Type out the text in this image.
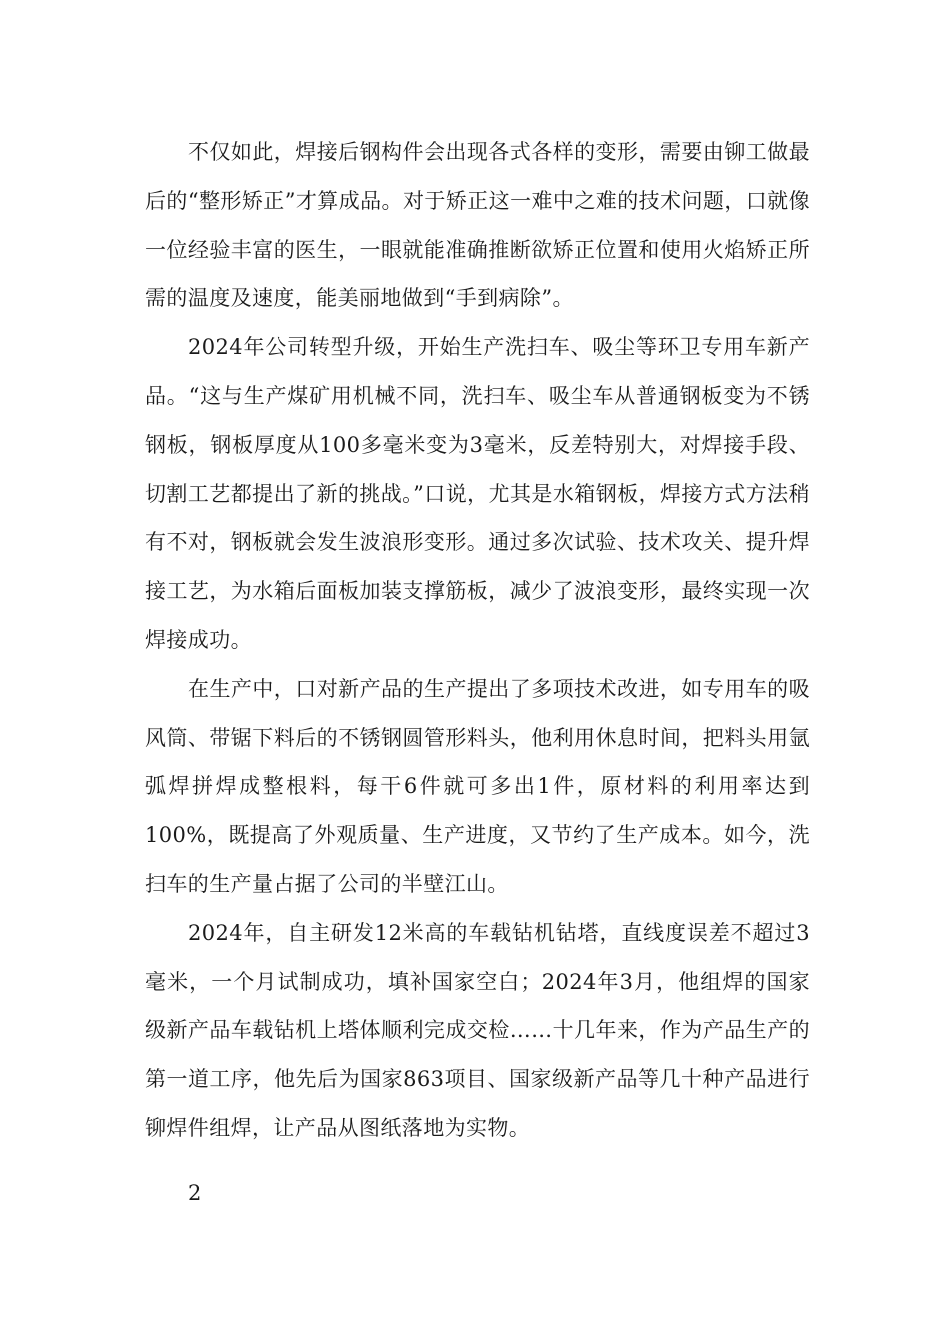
不仅如此，焊接后钢构件会出现各式各样的变形，需要由铆工做最后的“整形矫正”才算成品。对于矫正这一难中之难的技术问题，口就像一位经验丰富的医生，一眼就能准确推断欲矫正位置和使用火焰矫正所需的温度及速度，能美丽地做到“手到病除”。

2024年公司转型升级，开始生产洗扫车、吸尘等环卫专用车新产品。“这与生产煤矿用机械不同，洗扫车、吸尘车从普通钢板变为不锈钢板，钢板厚度从100多毫米变为3毫米，反差特别大，对焊接手段、切割工艺都提出了新的挑战。”口说，尤其是水箱钢板，焊接方式方法稍有不对，钢板就会发生波浪形变形。通过多次试验、技术攻关、提升焊接工艺，为水箱后面板加装支撑筋板，减少了波浪变形，最终实现一次焊接成功。

在生产中，口对新产品的生产提出了多项技术改进，如专用车的吸风筒、带锯下料后的不锈钢圆管形料头，他利用休息时间，把料头用氩弧焊拼焊成整根料，每干6件就可多出1件，原材料的利用率达到100%，既提高了外观质量、生产进度，又节约了生产成本。如今，洗扫车的生产量占据了公司的半壁江山。

2024年，自主研发12米高的车载钻机钻塔，直线度误差不超过3毫米，一个月试制成功，填补国家空白；2024年3月，他组焊的国家级新产品车载钻机上塔体顺利完成交检……十几年来，作为产品生产的第一道工序，他先后为国家863项目、国家级新产品等几十种产品进行铆焊件组焊，让产品从图纸落地为实物。

2
